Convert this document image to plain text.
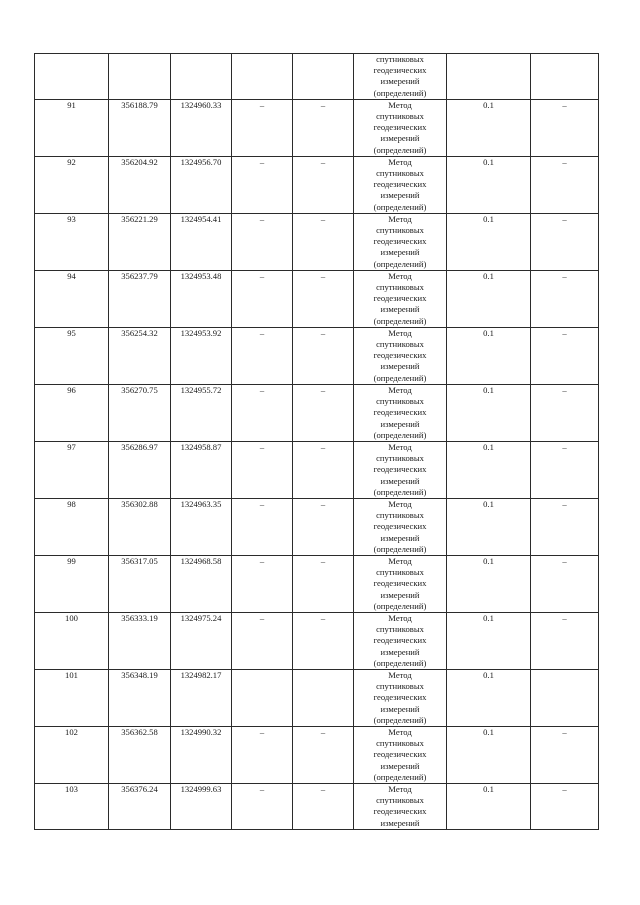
					спутниковых
геодезических
измерений
(определений)		

91	356188.79	1324960.33	–	–	Метод
спутниковых
геодезических
измерений
(определений)	0.1	–
92	356204.92	1324956.70	–	–	Метод
спутниковых
геодезических
измерений
(определений)	0.1	–
93	356221.29	1324954.41	–	–	Метод
спутниковых
геодезических
измерений
(определений)	0.1	–
94	356237.79	1324953.48	–	–	Метод
спутниковых
геодезических
измерений
(определений)	0.1	–
95	356254.32	1324953.92	–	–	Метод
спутниковых
геодезических
измерений
(определений)	0.1	–
96	356270.75	1324955.72	–	–	Метод
спутниковых
геодезических
измерений
(определений)	0.1	–
97	356286.97	1324958.87	–	–	Метод
спутниковых
геодезических
измерений
(определений)	0.1	–
98	356302.88	1324963.35	–	–	Метод
спутниковых
геодезических
измерений
(определений)	0.1	–
99	356317.05	1324968.58	–	–	Метод
спутниковых
геодезических
измерений
(определений)	0.1	–
100	356333.19	1324975.24	–	–	Метод
спутниковых
геодезических
измерений
(определений)	0.1	–
101	356348.19	1324982.17			Метод
спутниковых
геодезических
измерений
(определений)	0.1	
102	356362.58	1324990.32	–	–	Метод
спутниковых
геодезических
измерений
(определений)	0.1	–
103	356376.24	1324999.63	–	–	Метод
спутниковых
геодезических
измерений	0.1	–
